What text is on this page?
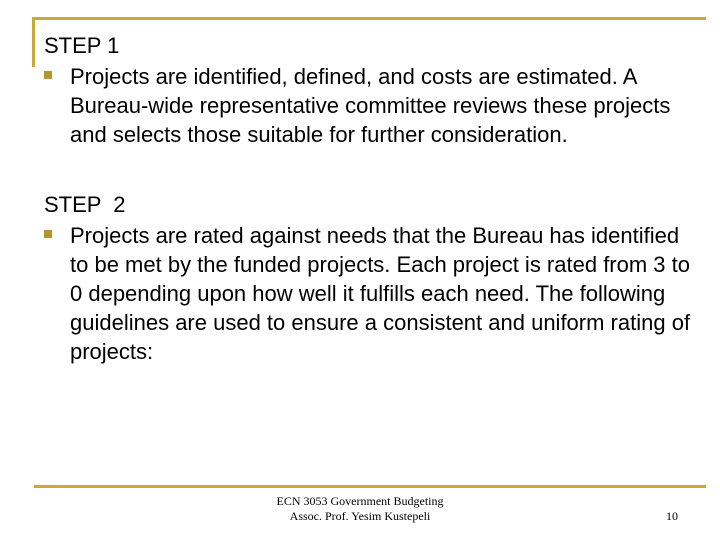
STEP 1

Projects are identified, defined, and costs are estimated. A Bureau-wide representative committee reviews these projects and selects those suitable for further consideration.

STEP  2

Projects are rated against needs that the Bureau has identified to be met by the funded projects. Each project is rated from 3 to 0 depending upon how well it fulfills each need. The following guidelines are used to ensure a consistent and uniform rating of projects:

ECN 3053 Government Budgeting
Assoc. Prof. Yesim Kustepeli	10
